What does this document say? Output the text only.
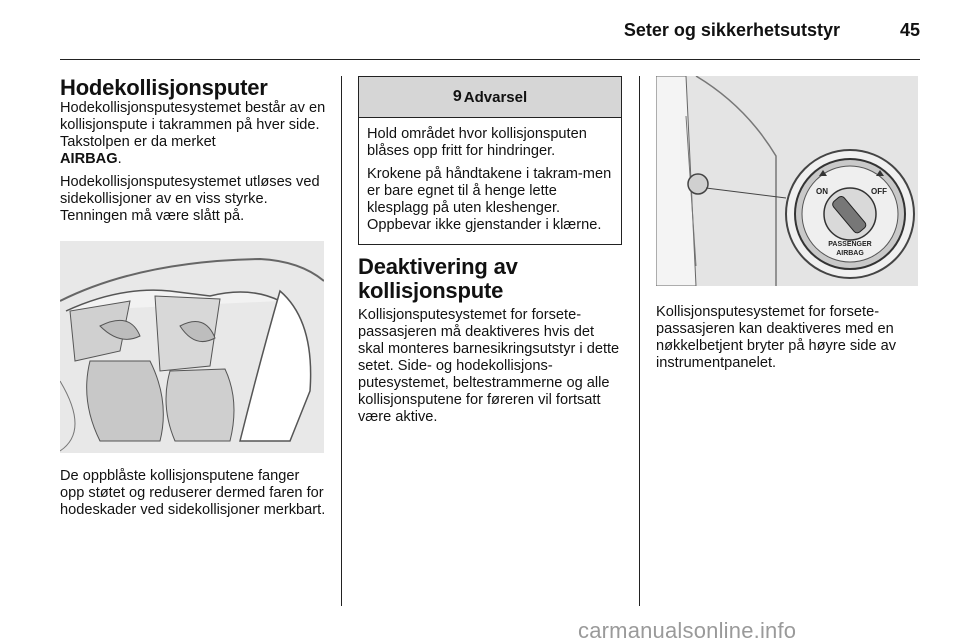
Seter og sikkerhetsutstyr	45
Hodekollisjonsputer

Hodekollisjonsputesystemet består av en kollisjonspute i takrammen på hver side. Takstolpen er da merket
AIRBAG.

Hodekollisjonsputesystemet utløses ved sidekollisjoner av en viss styrke. Tenningen må være slått på.

De oppblåste kollisjonsputene fanger opp støtet og reduserer dermed faren for hodeskader ved sidekollisjoner merkbart.

9 Advarsel

Hold området hvor kollisjonsputen blåses opp fritt for hindringer.

Krokene på håndtakene i takram-men er bare egnet til å henge lette klesplagg på uten kleshenger. Oppbevar ikke gjenstander i klærne.

Deaktivering av kollisjonspute

Kollisjonsputesystemet for forsete-passasjeren må deaktiveres hvis det skal monteres barnesikringsutstyr i dette setet. Side- og hodekollisjons-putesystemet, beltestrammerne og alle kollisjonsputene for føreren vil fortsatt være aktive.

ON	OFF
PASSENGER
AIRBAG

Kollisjonsputesystemet for forsete-passasjeren kan deaktiveres med en nøkkelbetjent bryter på høyre side av instrumentpanelet.

carmanualsonline.info
